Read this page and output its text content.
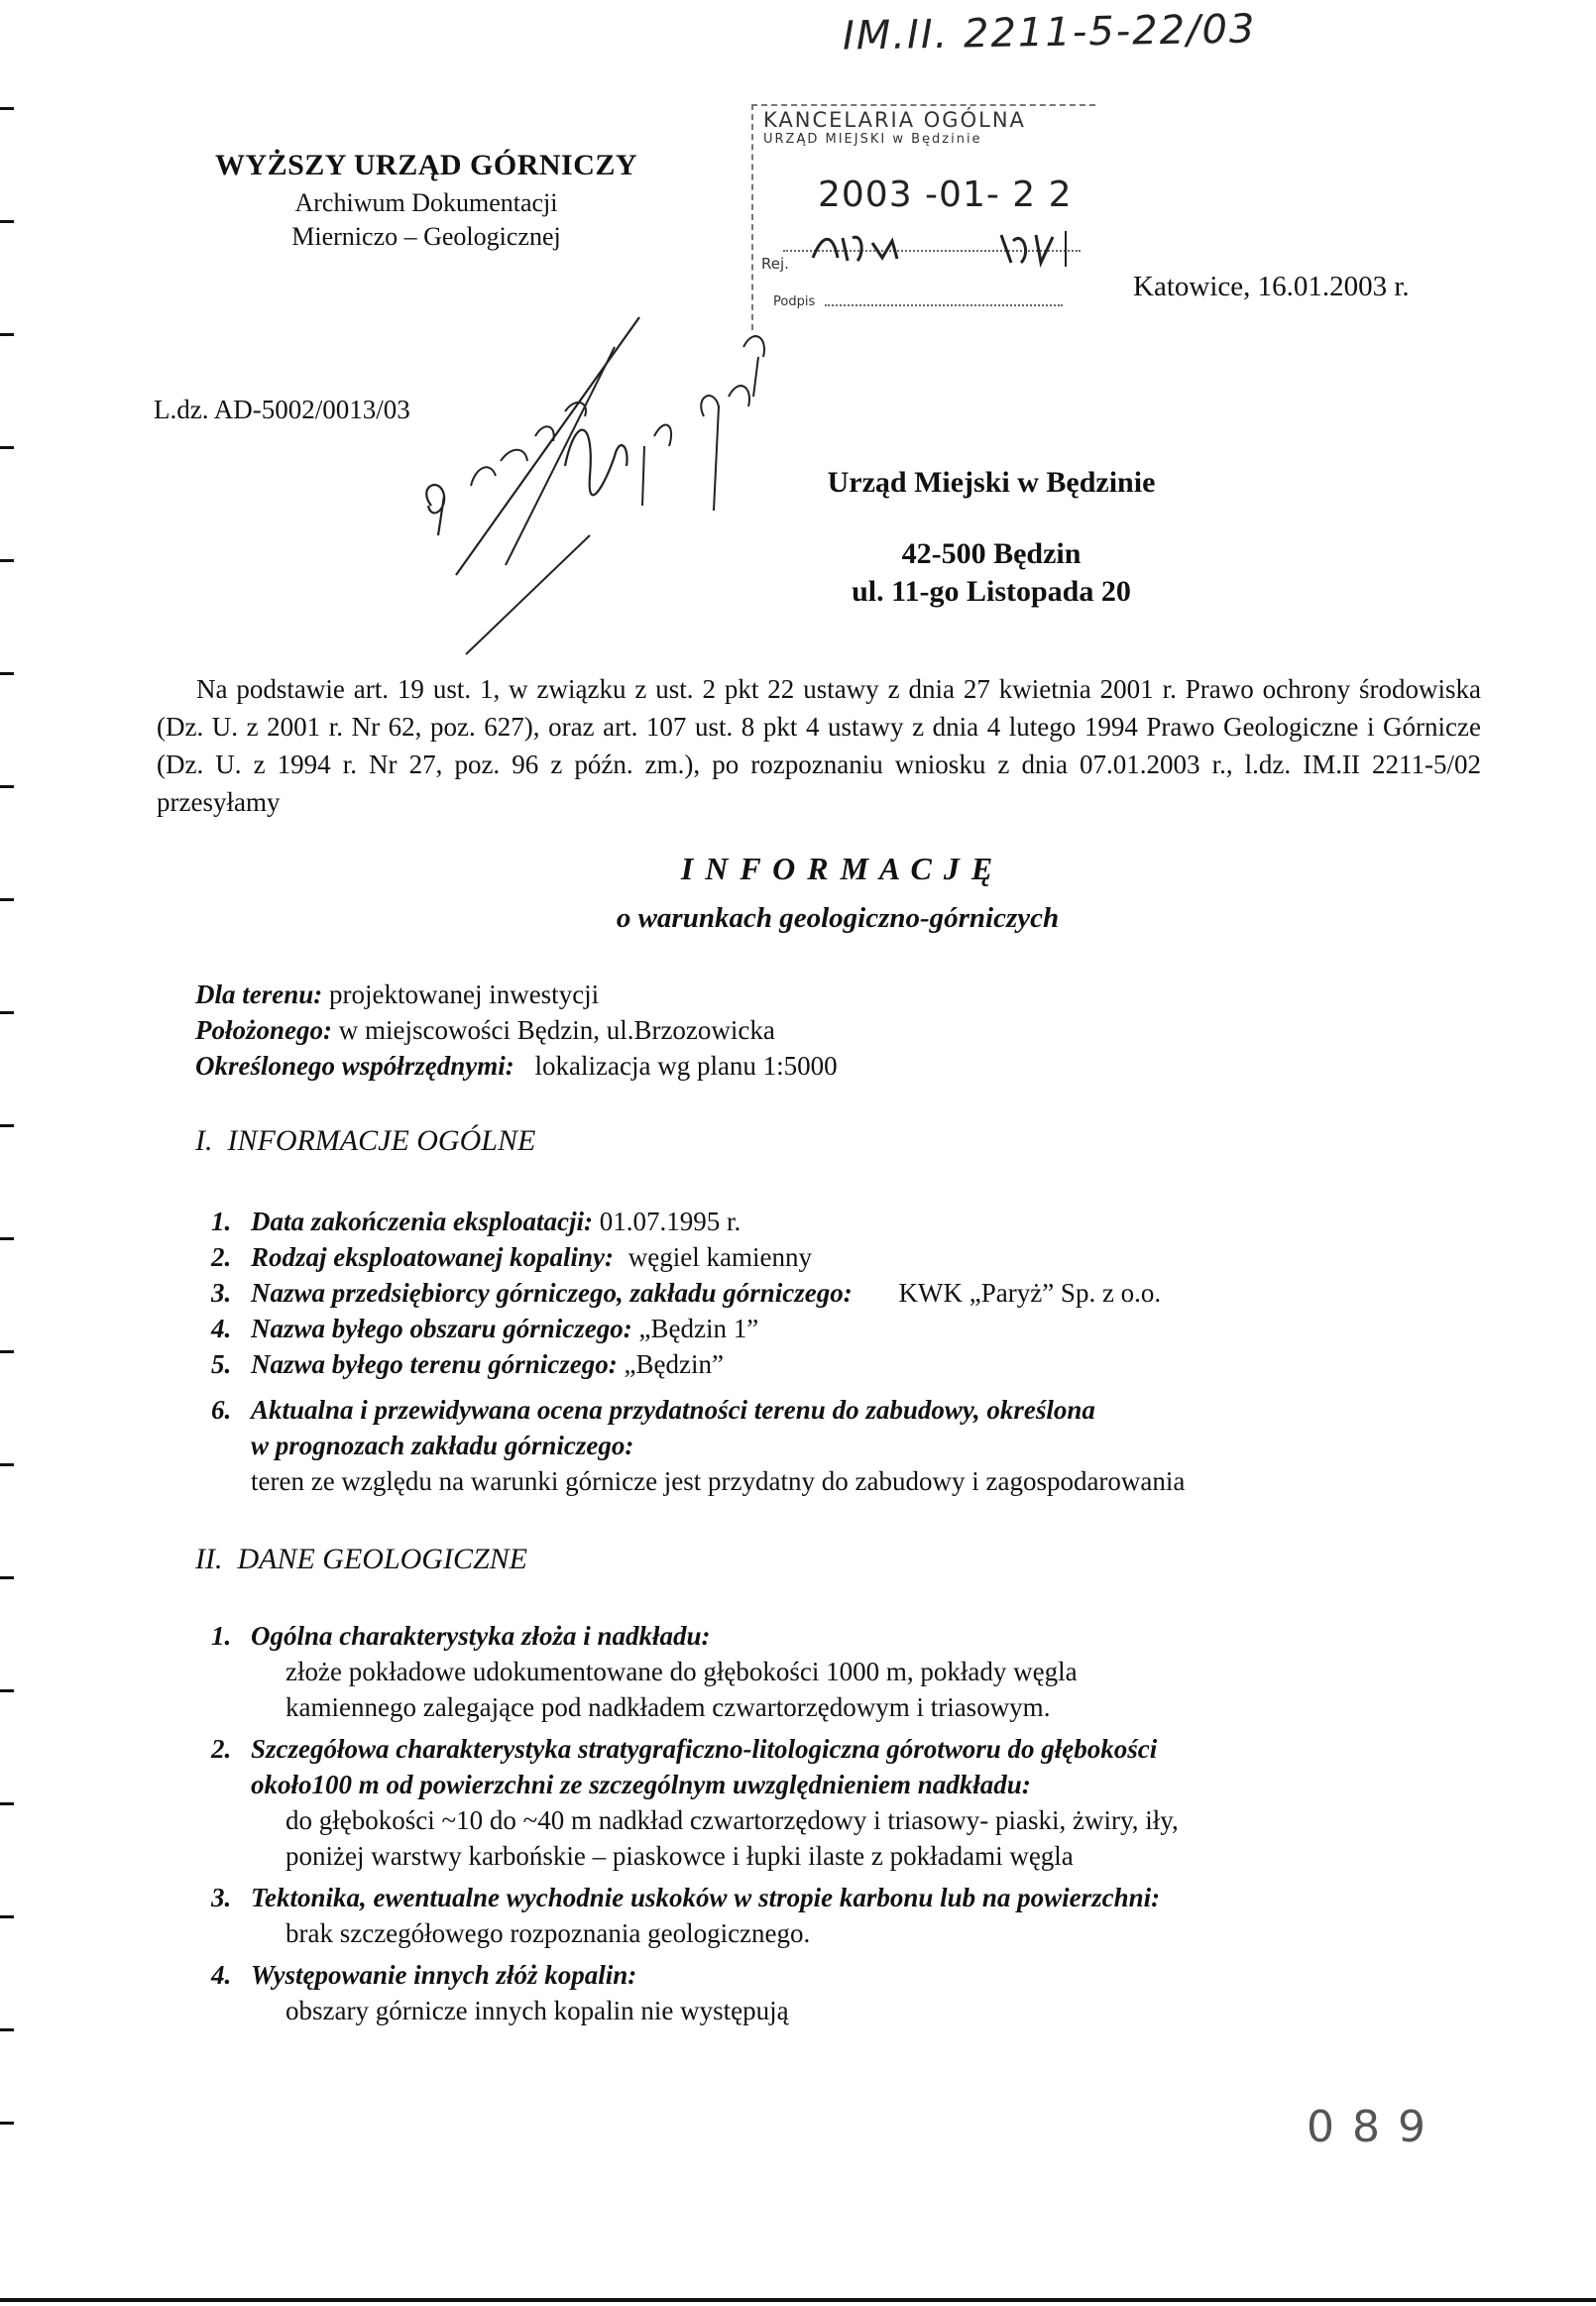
IM.II. 2211-5-22/03
WYŻSZY URZĄD GÓRNICZY
Archiwum Dokumentacji
Mierniczo – Geologicznej
KANCELARIA OGÓLNA
URZĄD MIEJSKI w Będzinie
2003 -01- 2 2
Rej.
Podpis	Katowice, 16.01.2003 r.
L.dz. AD-5002/0013/03
Urząd Miejski w Będzinie
42-500 Będzin
ul. 11-go Listopada 20
Na podstawie art. 19 ust. 1, w związku z ust. 2 pkt 22 ustawy z dnia 27 kwietnia 2001 r. Prawo ochrony środowiska (Dz. U. z 2001 r. Nr 62, poz. 627), oraz art. 107 ust. 8 pkt 4 ustawy z dnia 4 lutego 1994 Prawo Geologiczne i Górnicze (Dz. U. z 1994 r. Nr 27, poz. 96 z późn. zm.), po rozpoznaniu wniosku z dnia 07.01.2003 r., l.dz. IM.II 2211-5/02 przesyłamy
I N F O R M A C J Ę
o warunkach geologiczno-górniczych
Dla terenu: projektowanej inwestycji
Położonego: w miejscowości Będzin, ul.Brzozowicka
Określonego współrzędnymi: lokalizacja wg planu 1:5000
I.  INFORMACJE OGÓLNE
1. Data zakończenia eksploatacji: 01.07.1995 r.
2. Rodzaj eksploatowanej kopaliny: węgiel kamienny
3. Nazwa przedsiębiorcy górniczego, zakładu górniczego: KWK „Paryż” Sp. z o.o.
4. Nazwa byłego obszaru górniczego: „Będzin 1”
5. Nazwa byłego terenu górniczego: „Będzin”
6. Aktualna i przewidywana ocena przydatności terenu do zabudowy, określona
w prognozach zakładu górniczego:
teren ze względu na warunki górnicze jest przydatny do zabudowy i zagospodarowania
II.  DANE GEOLOGICZNE
1. Ogólna charakterystyka złoża i nadkładu:
złoże pokładowe udokumentowane do głębokości 1000 m, pokłady węgla
kamiennego zalegające pod nadkładem czwartorzędowym i triasowym.
2. Szczegółowa charakterystyka stratygraficzno-litologiczna górotworu do głębokości
około100 m od powierzchni ze szczególnym uwzględnieniem nadkładu:
do głębokości ~10 do ~40 m nadkład czwartorzędowy i triasowy- piaski, żwiry, iły,
poniżej warstwy karbońskie – piaskowce i łupki ilaste z pokładami węgla
3. Tektonika, ewentualne wychodnie uskoków w stropie karbonu lub na powierzchni:
brak szczegółowego rozpoznania geologicznego.
4. Występowanie innych złóż kopalin:
obszary górnicze innych kopalin nie występują
0 8 9
